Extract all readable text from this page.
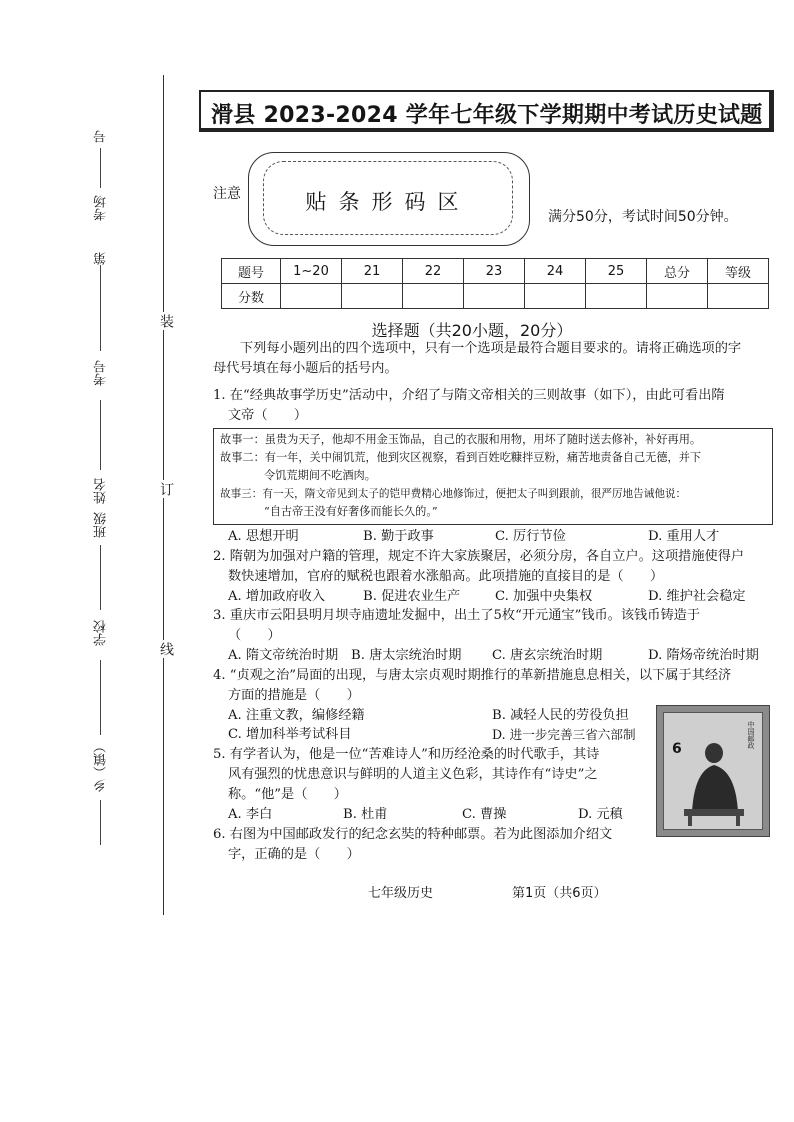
装
订
线
号
考场
第
考号
姓名
班级
学校
乡（镇）
滑县 2023-2024 学年七年级下学期期中考试历史试题
注意	贴条形码区
满分50分，考试时间50分钟。
题号	1~20	21	22	23	24	25	总分	等级
分数								
选择题（共20小题，20分）
下列每小题列出的四个选项中，只有一个选项是最符合题目要求的。请将正确选项的字
母代号填在每小题后的括号内。
1. 在“经典故事学历史”活动中，介绍了与隋文帝相关的三则故事（如下），由此可看出隋
文帝（　　）
故事一：虽贵为天子，他却不用金玉饰品，自己的衣服和用物，用坏了随时送去修补，补好再用。
故事二：有一年，关中闹饥荒，他到灾区视察，看到百姓吃糠拌豆粉，痛苦地责备自己无德，并下
令饥荒期间不吃酒肉。
故事三：有一天，隋文帝见到太子的铠甲费精心地修饰过，便把太子叫到跟前，很严厉地告诫他说：
“自古帝王没有好奢侈而能长久的。”
A. 思想开明	B. 勤于政事	C. 厉行节俭	D. 重用人才
2. 隋朝为加强对户籍的管理，规定不许大家族聚居，必须分房，各自立户。这项措施使得户
数快速增加，官府的赋税也跟着水涨船高。此项措施的直接目的是（　　）
A. 增加政府收入	B. 促进农业生产	C. 加强中央集权	D. 维护社会稳定
3. 重庆市云阳县明月坝寺庙遗址发掘中，出土了5枚“开元通宝”钱币。该钱币铸造于
（　　）
A. 隋文帝统治时期 B. 唐太宗统治时期 C. 唐玄宗统治时期	D. 隋炀帝统治时期
4. “贞观之治”局面的出现，与唐太宗贞观时期推行的革新措施息息相关，以下属于其经济
方面的措施是（　　）
A. 注重文教，编修经籍	B. 减轻人民的劳役负担
C. 增加科举考试科目	D. 进一步完善三省六部制
5. 有学者认为，他是一位“苦难诗人”和历经沧桑的时代歌手，其诗
风有强烈的忧患意识与鲜明的人道主义色彩，其诗作有“诗史”之
称。“他”是（　　）
A. 李白	B. 杜甫	C. 曹操	D. 元稹
6. 右图为中国邮政发行的纪念玄奘的特种邮票。若为此图添加介绍文
字，正确的是（　　）
6	中国邮政
七年级历史	第1页（共6页）
